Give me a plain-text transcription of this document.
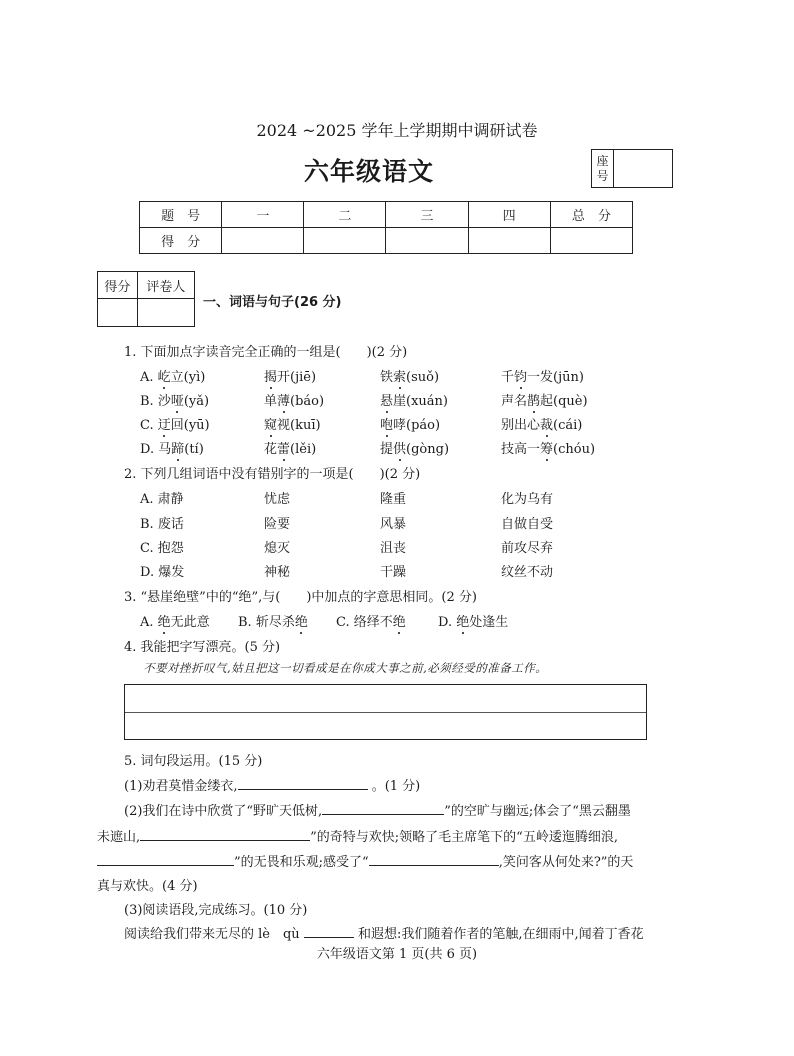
2024 ~2025 学年上学期期中调研试卷
六年级语文	座号
题　号	一	二	三	四	总　分
得　分					
得分	评卷人

一、词语与句子(26 分)
1. 下面加点字读音完全正确的一组是(　　)(2 分)
A. 屹立(yì)	揭开(jiē)	铁索(suǒ)	千钧一发(jūn)
B. 沙哑(yǎ)	单薄(báo)	悬崖(xuán)	声名鹊起(què)
C. 迂回(yū)	窥视(kuī)	咆哮(páo)	别出心裁(cái)
D. 马蹄(tí)	花蕾(lěi)	提供(gòng)	技高一筹(chóu)
2. 下列几组词语中没有错别字的一项是(　　)(2 分)
A. 肃静	忧虑	隆重	化为乌有
B. 废话	险要	风暴	自做自受
C. 抱怨	熄灭	沮丧	前攻尽弃
D. 爆发	神秘	干躁	纹丝不动
3. “悬崖绝壁”中的“绝”,与(　　)中加点的字意思相同。(2 分)
A. 绝无此意 B. 斩尽杀绝 C. 络绎不绝 D. 绝处逢生
4. 我能把字写漂亮。(5 分)
不要对挫折叹气,姑且把这一切看成是在你成大事之前,必须经受的准备工作。
5. 词句段运用。(15 分)
(1)劝君莫惜金缕衣,	。(1 分)
(2)我们在诗中欣赏了“野旷天低树,	”的空旷与幽远;体会了“黑云翻墨
未遮山,	”的奇特与欢快;领略了毛主席笔下的“五岭逶迤腾细浪,
”的无畏和乐观;感受了“	,笑问客从何处来?”的天
真与欢快。(4 分)
(3)阅读语段,完成练习。(10 分)
阅读给我们带来无尽的 lè　qù	和遐想:我们随着作者的笔触,在细雨中,闻着丁香花
六年级语文第 1 页(共 6 页)
